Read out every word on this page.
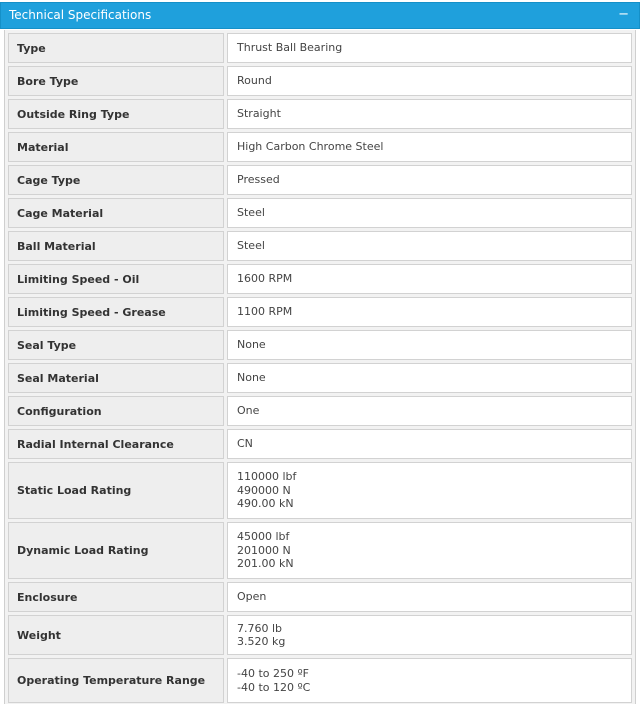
Technical Specifications	−
Type	Thrust Ball Bearing

Bore Type	Round

Outside Ring Type	Straight

Material	High Carbon Chrome Steel

Cage Type	Pressed

Cage Material	Steel

Ball Material	Steel

Limiting Speed - Oil	1600 RPM

Limiting Speed - Grease	1100 RPM

Seal Type	None

Seal Material	None

Configuration	One

Radial Internal Clearance	CN

Static Load Rating	110000 lbf
490000 N
490.00 kN

Dynamic Load Rating	45000 lbf
201000 N
201.00 kN

Enclosure	Open

Weight	7.760 lb
3.520 kg

Operating Temperature Range	-40 to 250 ºF
-40 to 120 ºC
